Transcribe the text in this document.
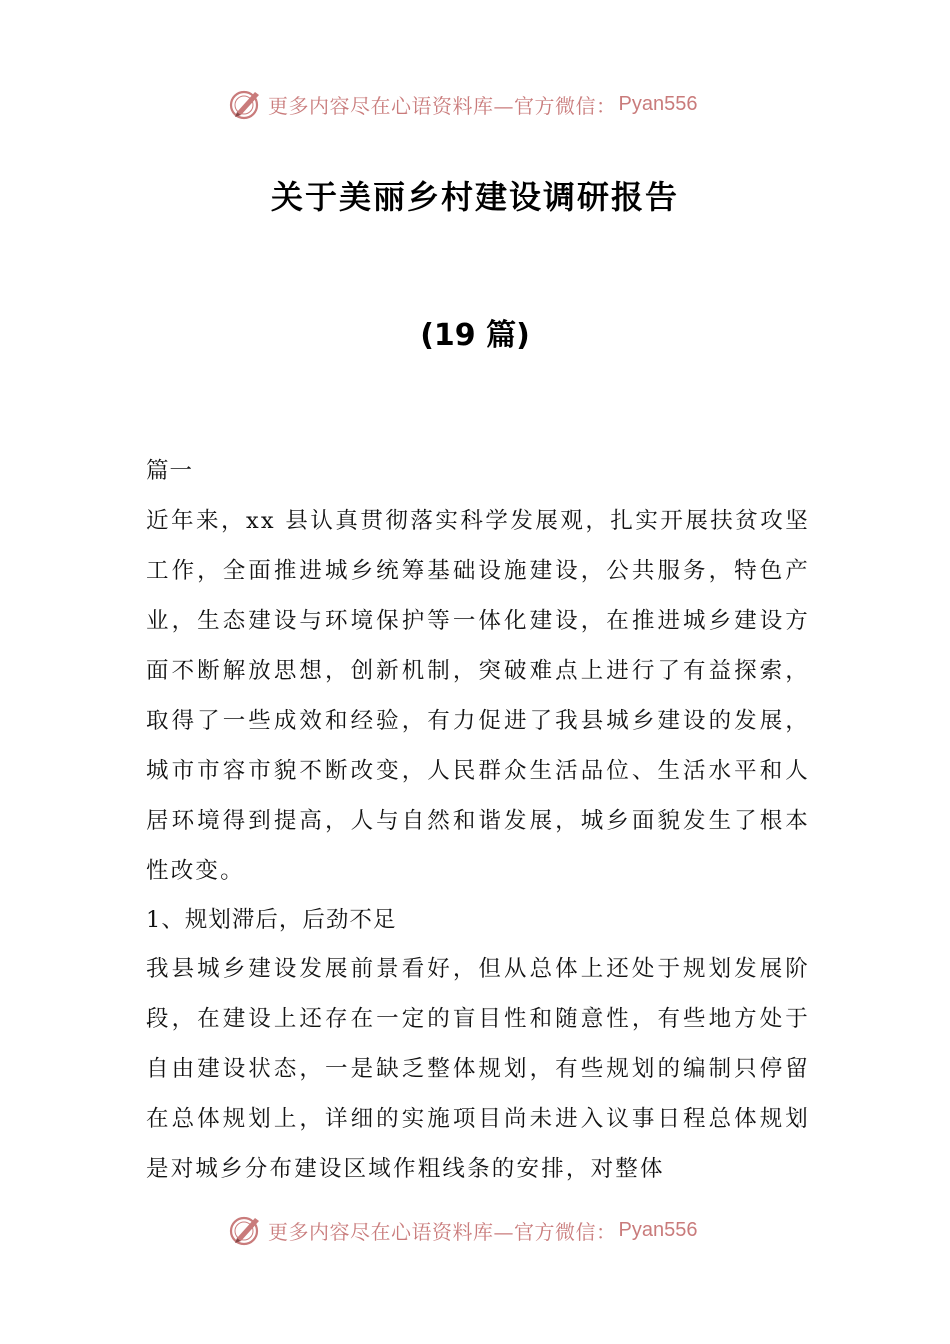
更多内容尽在心语资料库—官方微信： Pyan556
关于美丽乡村建设调研报告
(19 篇)

篇一

近年来，xx 县认真贯彻落实科学发展观，扎实开展扶贫攻坚工作，全面推进城乡统筹基础设施建设，公共服务，特色产业，生态建设与环境保护等一体化建设，在推进城乡建设方面不断解放思想，创新机制，突破难点上进行了有益探索，取得了一些成效和经验，有力促进了我县城乡建设的发展，城市市容市貌不断改变，人民群众生活品位、生活水平和人居环境得到提高，人与自然和谐发展，城乡面貌发生了根本性改变。

1、规划滞后，后劲不足

我县城乡建设发展前景看好，但从总体上还处于规划发展阶段，在建设上还存在一定的盲目性和随意性，有些地方处于自由建设状态，一是缺乏整体规划，有些规划的编制只停留在总体规划上，详细的实施项目尚未进入议事日程总体规划是对城乡分布建设区域作粗线条的安排，对整体

更多内容尽在心语资料库—官方微信： Pyan556
